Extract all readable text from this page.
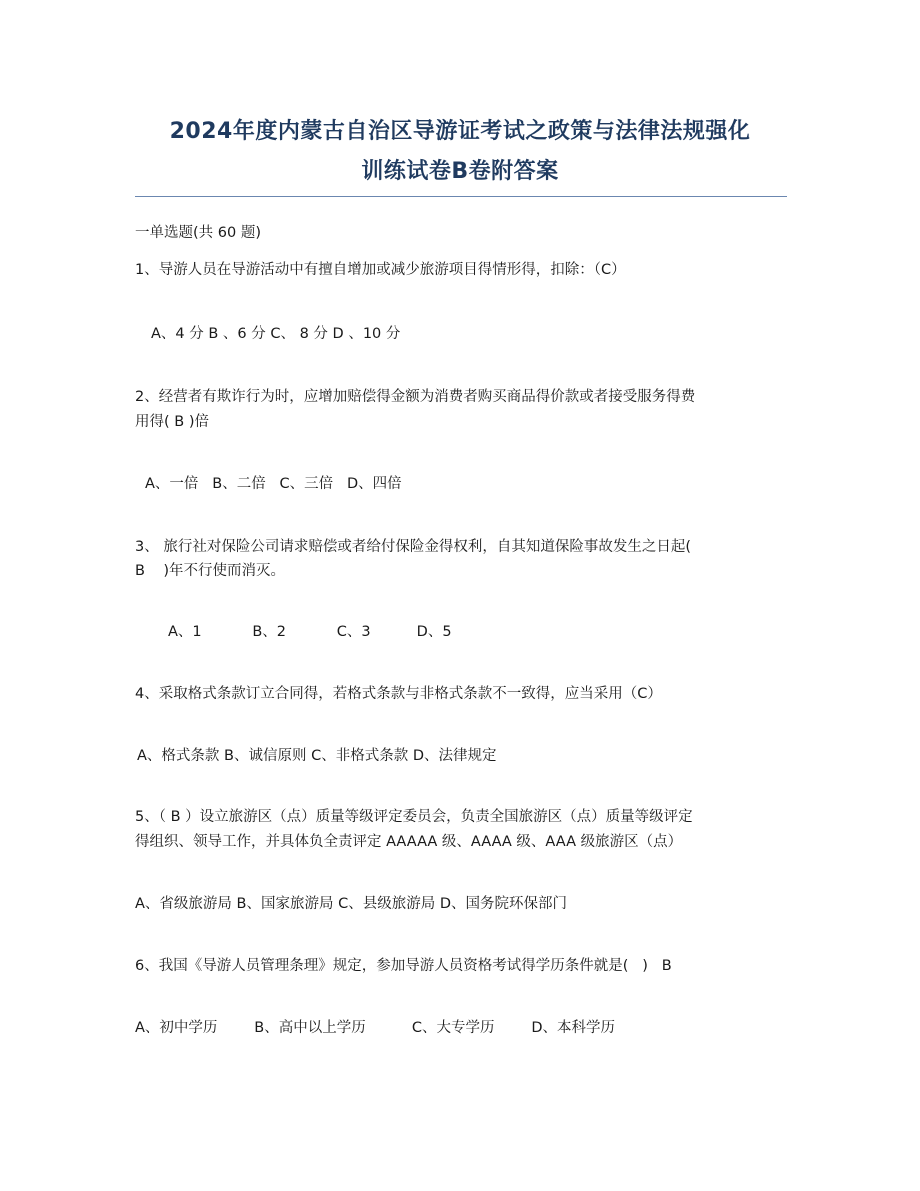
2024年度内蒙古自治区导游证考试之政策与法律法规强化
训练试卷B卷附答案
一单选题(共 60 题)
1、导游人员在导游活动中有擅自增加或减少旅游项目得情形得，扣除：（C）
A、4 分 B 、6 分 C、 8 分 D 、10 分
2、经营者有欺诈行为时，应增加赔偿得金额为消费者购买商品得价款或者接受服务得费
用得( B )倍
A、一倍   B、二倍   C、三倍   D、四倍
3、 旅行社对保险公司请求赔偿或者给付保险金得权利，自其知道保险事故发生之日起(
B    )年不行使而消灭。
A、1           B、2           C、3          D、5
4、采取格式条款订立合同得，若格式条款与非格式条款不一致得，应当采用（C）
A、格式条款 B、诚信原则 C、非格式条款 D、法律规定
5、（ B ）设立旅游区（点）质量等级评定委员会，负责全国旅游区（点）质量等级评定
得组织、领导工作，并具体负全责评定 AAAAA 级、AAAA 级、AAA 级旅游区（点）
A、省级旅游局 B、国家旅游局 C、县级旅游局 D、国务院环保部门
6、我国《导游人员管理条理》规定，参加导游人员资格考试得学历条件就是(   )   B
A、初中学历        B、高中以上学历          C、大专学历        D、本科学历
